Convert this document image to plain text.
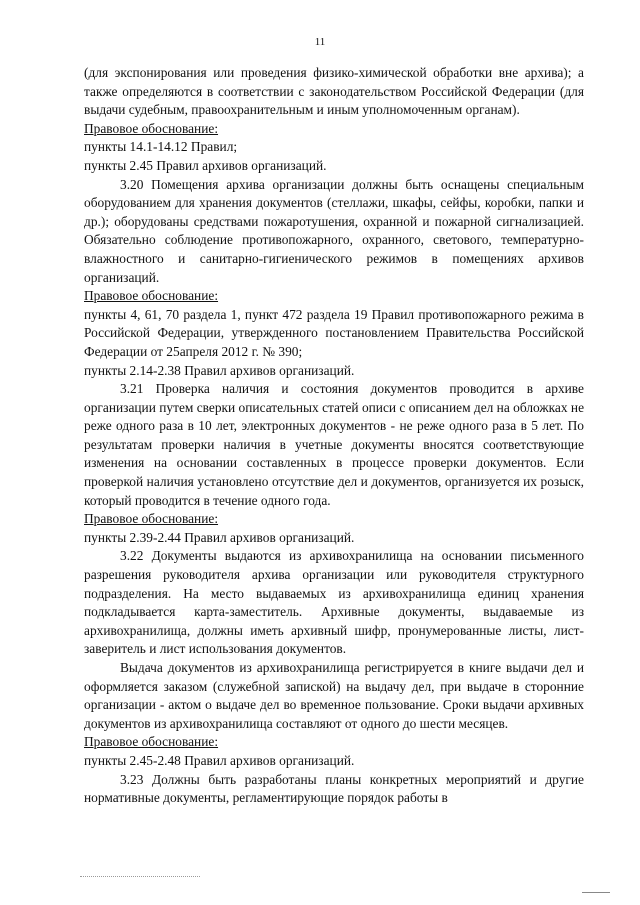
11

(для экспонирования или проведения физико-химической обработки вне архива); а также определяются в соответствии с законодательством Российской Федерации (для выдачи судебным, правоохранительным и иным уполномоченным органам).

Правовое обоснование:

пункты 14.1-14.12 Правил;

пункты 2.45 Правил архивов организаций.

3.20 Помещения архива организации должны быть оснащены специальным оборудованием для хранения документов (стеллажи, шкафы, сейфы, коробки, папки и др.); оборудованы средствами пожаротушения, охранной и пожарной сигнализацией. Обязательно соблюдение противопожарного, охранного, светового, температурно-влажностного и санитарно-гигиенического режимов в помещениях архивов организаций.

Правовое обоснование:

пункты 4, 61, 70 раздела 1, пункт 472 раздела 19 Правил противопожарного режима в Российской Федерации, утвержденного постановлением Правительства Российской Федерации от 25апреля 2012 г. № 390;

пункты 2.14-2.38 Правил архивов организаций.

3.21 Проверка наличия и состояния документов проводится в архиве организации путем сверки описательных статей описи с описанием дел на обложках не реже одного раза в 10 лет, электронных документов - не реже одного раза в 5 лет. По результатам проверки наличия в учетные документы вносятся соответствующие изменения на основании составленных в процессе проверки документов. Если проверкой наличия установлено отсутствие дел и документов, организуется их розыск, который проводится в течение одного года.

Правовое обоснование:

пункты 2.39-2.44 Правил архивов организаций.

3.22 Документы выдаются из архивохранилища на основании письменного разрешения руководителя архива организации или руководителя структурного подразделения. На место выдаваемых из архивохранилища единиц хранения подкладывается карта-заместитель. Архивные документы, выдаваемые из архивохранилища, должны иметь архивный шифр, пронумерованные листы, лист-заверитель и лист использования документов.

Выдача документов из архивохранилища регистрируется в книге выдачи дел и оформляется заказом (служебной запиской) на выдачу дел, при выдаче в сторонние организации - актом о выдаче дел во временное пользование. Сроки выдачи архивных документов из архивохранилища составляют от одного до шести месяцев.

Правовое обоснование:

пункты 2.45-2.48 Правил архивов организаций.

3.23 Должны быть разработаны планы конкретных мероприятий и другие нормативные документы, регламентирующие порядок работы в
